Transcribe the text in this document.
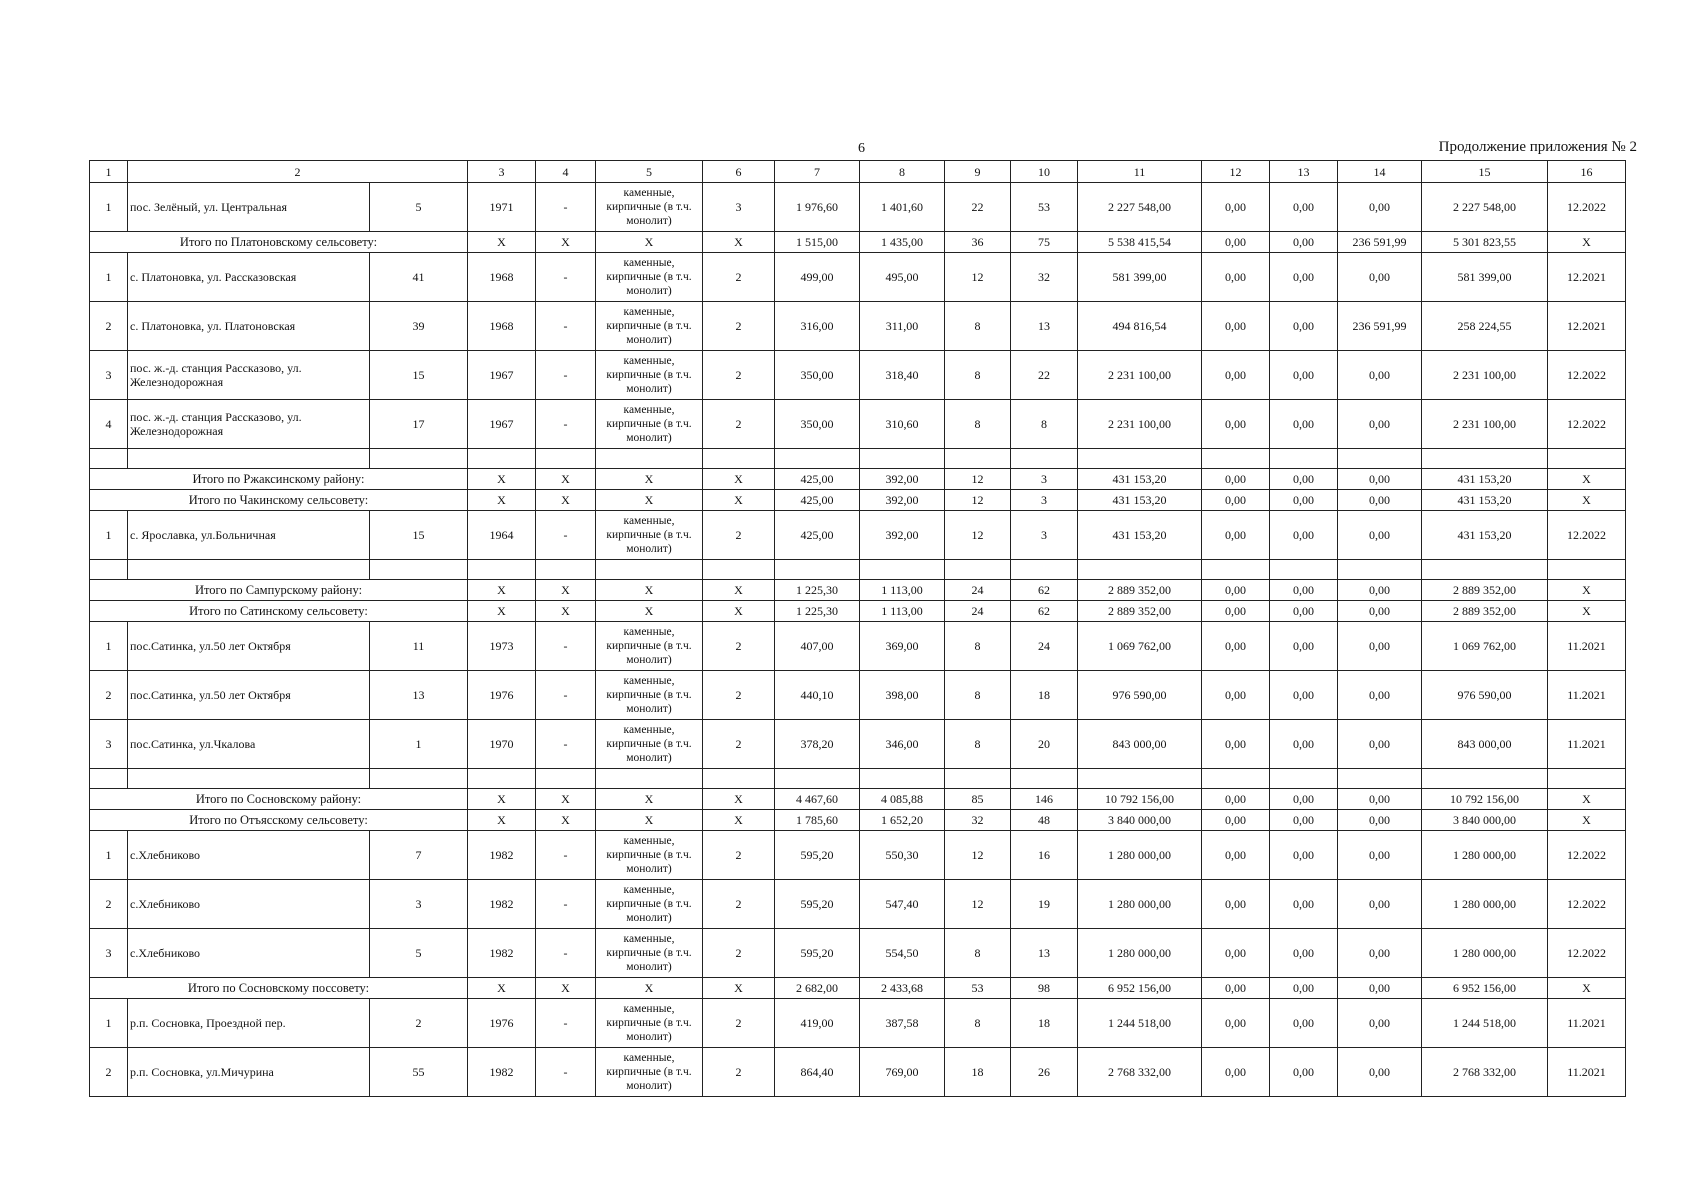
6	Продолжение приложения № 2
1	2		3	4	5	6	7	8	9	10	11	12	13	14	15	16
1	пос. Зелёный, ул. Центральная	5	1971	-	каменные, кирпичные (в т.ч. монолит)	3	1 976,60	1 401,60	22	53	2 227 548,00	0,00	0,00	0,00	2 227 548,00	12.2022
Итого по Платоновскому сельсовету:			X	X	X	X	1 515,00	1 435,00	36	75	5 538 415,54	0,00	0,00	236 591,99	5 301 823,55	X
1	с. Платоновка, ул. Рассказовская	41	1968	-	каменные, кирпичные (в т.ч. монолит)	2	499,00	495,00	12	32	581 399,00	0,00	0,00	0,00	581 399,00	12.2021
2	с. Платоновка, ул. Платоновская	39	1968	-	каменные, кирпичные (в т.ч. монолит)	2	316,00	311,00	8	13	494 816,54	0,00	0,00	236 591,99	258 224,55	12.2021
3	пос. ж.-д. станция Рассказово, ул. Железнодорожная	15	1967	-	каменные, кирпичные (в т.ч. монолит)	2	350,00	318,40	8	22	2 231 100,00	0,00	0,00	0,00	2 231 100,00	12.2022
4	пос. ж.-д. станция Рассказово, ул. Железнодорожная	17	1967	-	каменные, кирпичные (в т.ч. монолит)	2	350,00	310,60	8	8	2 231 100,00	0,00	0,00	0,00	2 231 100,00	12.2022

Итого по Ржаксинскому району:			X	X	X	X	425,00	392,00	12	3	431 153,20	0,00	0,00	0,00	431 153,20	X
Итого по Чакинскому сельсовету:			X	X	X	X	425,00	392,00	12	3	431 153,20	0,00	0,00	0,00	431 153,20	X
1	с. Ярославка, ул.Больничная	15	1964	-	каменные, кирпичные (в т.ч. монолит)	2	425,00	392,00	12	3	431 153,20	0,00	0,00	0,00	431 153,20	12.2022

Итого по Сампурскому району:			X	X	X	X	1 225,30	1 113,00	24	62	2 889 352,00	0,00	0,00	0,00	2 889 352,00	X
Итого по Сатинскому сельсовету:			X	X	X	X	1 225,30	1 113,00	24	62	2 889 352,00	0,00	0,00	0,00	2 889 352,00	X
1	пос.Сатинка, ул.50 лет Октября	11	1973	-	каменные, кирпичные (в т.ч. монолит)	2	407,00	369,00	8	24	1 069 762,00	0,00	0,00	0,00	1 069 762,00	11.2021
2	пос.Сатинка, ул.50 лет Октября	13	1976	-	каменные, кирпичные (в т.ч. монолит)	2	440,10	398,00	8	18	976 590,00	0,00	0,00	0,00	976 590,00	11.2021
3	пос.Сатинка, ул.Чкалова	1	1970	-	каменные, кирпичные (в т.ч. монолит)	2	378,20	346,00	8	20	843 000,00	0,00	0,00	0,00	843 000,00	11.2021

Итого по Сосновскому району:			X	X	X	X	4 467,60	4 085,88	85	146	10 792 156,00	0,00	0,00	0,00	10 792 156,00	X
Итого по Отъясскому сельсовету:			X	X	X	X	1 785,60	1 652,20	32	48	3 840 000,00	0,00	0,00	0,00	3 840 000,00	X
1	с.Хлебниково	7	1982	-	каменные, кирпичные (в т.ч. монолит)	2	595,20	550,30	12	16	1 280 000,00	0,00	0,00	0,00	1 280 000,00	12.2022
2	с.Хлебниково	3	1982	-	каменные, кирпичные (в т.ч. монолит)	2	595,20	547,40	12	19	1 280 000,00	0,00	0,00	0,00	1 280 000,00	12.2022
3	с.Хлебниково	5	1982	-	каменные, кирпичные (в т.ч. монолит)	2	595,20	554,50	8	13	1 280 000,00	0,00	0,00	0,00	1 280 000,00	12.2022
Итого по Сосновскому поссовету:			X	X	X	X	2 682,00	2 433,68	53	98	6 952 156,00	0,00	0,00	0,00	6 952 156,00	X
1	р.п. Сосновка, Проездной пер.	2	1976	-	каменные, кирпичные (в т.ч. монолит)	2	419,00	387,58	8	18	1 244 518,00	0,00	0,00	0,00	1 244 518,00	11.2021
2	р.п. Сосновка, ул.Мичурина	55	1982	-	каменные, кирпичные (в т.ч. монолит)	2	864,40	769,00	18	26	2 768 332,00	0,00	0,00	0,00	2 768 332,00	11.2021
